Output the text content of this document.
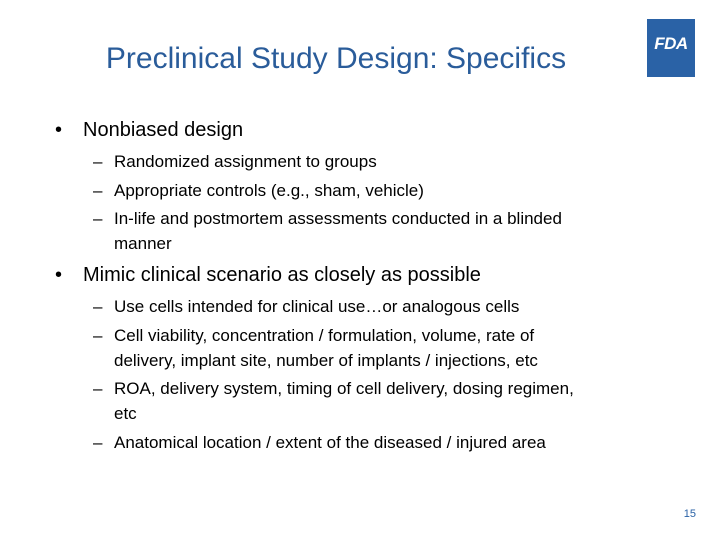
Preclinical Study Design: Specifics	FDA
• Nonbiased design
– Randomized assignment to groups
– Appropriate controls (e.g., sham, vehicle)
– In-life and postmortem assessments conducted in a blinded
manner
• Mimic clinical scenario as closely as possible
– Use cells intended for clinical use…or analogous cells
– Cell viability, concentration / formulation, volume, rate of
delivery, implant site, number of implants / injections, etc
– ROA, delivery system, timing of cell delivery, dosing regimen,
etc
– Anatomical location / extent of the diseased / injured area
15
